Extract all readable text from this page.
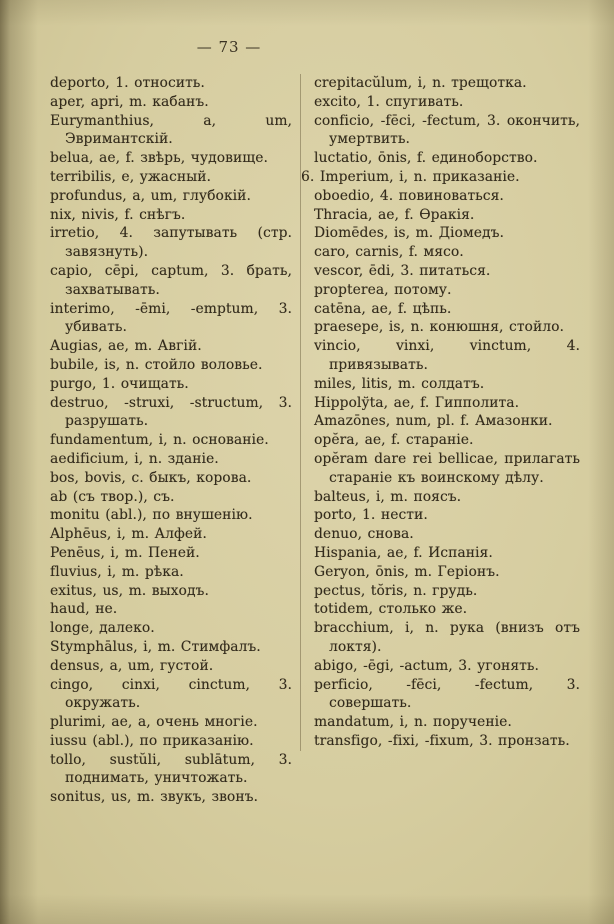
— 73 —
deporto, 1. относить.
aper, apri, m. кабанъ.
Eurymanthius, a, um, Эвримантскій.
belua, ae, f. звѣрь, чудовище.
terribilis, e, ужасный.
profundus, a, um, глубокій.
nix, nivis, f. снѣгъ.
irretio, 4. запутывать (стр. завязнуть).
capio, cēpi, captum, 3. брать, захватывать.
interimo, -ēmi, -emptum, 3. убивать.
Augias, ae, m. Авгій.
bubile, is, n. стойло воловье.
purgo, 1. очищать.
destruo, -struxi, -structum, 3. разрушать.
fundamentum, i, n. основаніе.
aedificium, i, n. зданіе.
bos, bovis, c. быкъ, корова.
ab (съ твор.), съ.
monitu (abl.), по внушенію.
Alphēus, i, m. Алфей.
Penēus, i, m. Пеней.
fluvius, i, m. рѣка.
exitus, us, m. выходъ.
haud, не.
longe, далеко.
Stymphālus, i, m. Стимфалъ.
densus, a, um, густой.
cingo, cinxi, cinctum, 3. окружать.
plurimi, ae, a, очень многіе.
iussu (abl.), по приказанію.
tollo, sustŭli, sublātum, 3. поднимать, уничтожать.
sonitus, us, m. звукъ, звонъ.
crepitacŭlum, i, n. трещотка.
excito, 1. спугивать.
conficio, -fēci, -fectum, 3. окончить, умертвить.
luctatio, ōnis, f. единоборство.
6. Imperium, i, n. приказаніе.
oboedio, 4. повиноваться.
Thracia, ae, f. Ѳракія.
Diomēdes, is, m. Діомедъ.
caro, carnis, f. мясо.
vescor, ēdi, 3. питаться.
propterea, потому.
catēna, ae, f. цѣпь.
praesepe, is, n. конюшня, стойло.
vincio, vinxi, vinctum, 4. привязывать.
miles, litis, m. солдатъ.
Hippolўta, ae, f. Гипполита.
Amazōnes, num, pl. f. Амазонки.
opĕra, ae, f. стараніе.
opĕram dare rei bellicae, прилагать стараніе къ воинскому дѣлу.
balteus, i, m. поясъ.
porto, 1. нести.
denuo, снова.
Hispania, ae, f. Испанія.
Geryon, ōnis, m. Геріонъ.
pectus, tŏris, n. грудь.
totidem, столько же.
bracchium, i, n. рука (внизъ отъ локтя).
abigo, -ēgi, -actum, 3. угонять.
perficio, -fēci, -fectum, 3. совершать.
mandatum, i, n. порученіе.
transfigo, -fixi, -fixum, 3. пронзать.
